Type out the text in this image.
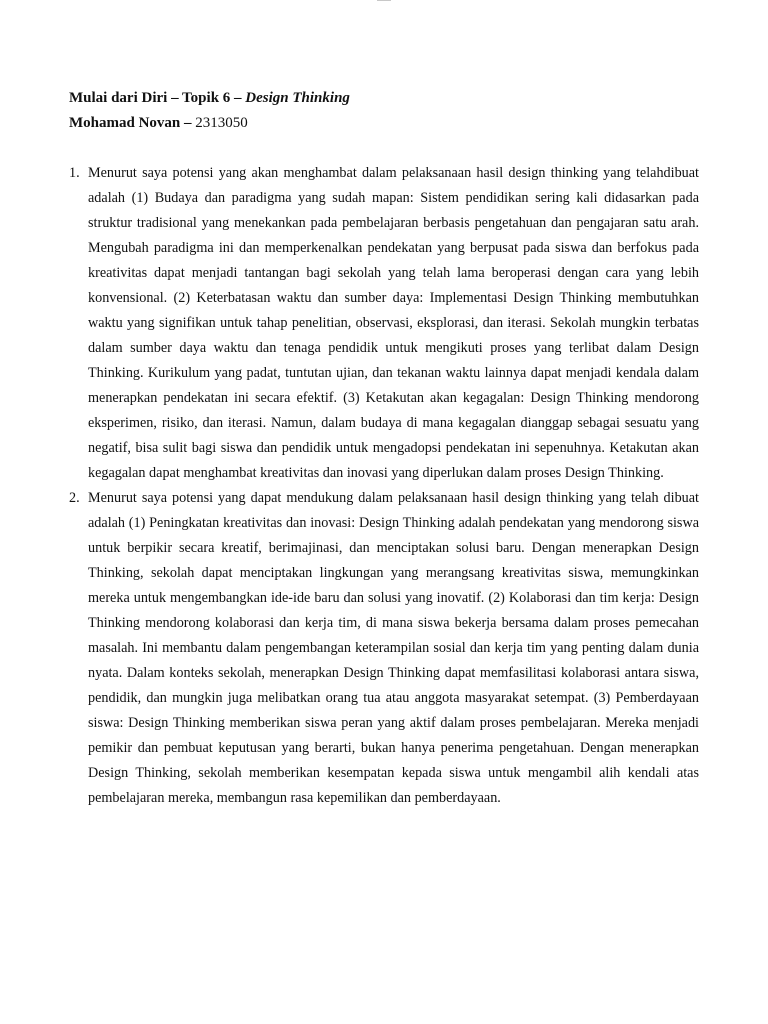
Mulai dari Diri – Topik 6 – Design Thinking

Mohamad Novan – 2313050

1. Menurut saya potensi yang akan menghambat dalam pelaksanaan hasil design thinking yang telahdibuat adalah (1) Budaya dan paradigma yang sudah mapan: Sistem pendidikan sering kali didasarkan pada struktur tradisional yang menekankan pada pembelajaran berbasis pengetahuan dan pengajaran satu arah. Mengubah paradigma ini dan memperkenalkan pendekatan yang berpusat pada siswa dan berfokus pada kreativitas dapat menjadi tantangan bagi sekolah yang telah lama beroperasi dengan cara yang lebih konvensional. (2) Keterbatasan waktu dan sumber daya: Implementasi Design Thinking membutuhkan waktu yang signifikan untuk tahap penelitian, observasi, eksplorasi, dan iterasi. Sekolah mungkin terbatas dalam sumber daya waktu dan tenaga pendidik untuk mengikuti proses yang terlibat dalam Design Thinking. Kurikulum yang padat, tuntutan ujian, dan tekanan waktu lainnya dapat menjadi kendala dalam menerapkan pendekatan ini secara efektif. (3) Ketakutan akan kegagalan: Design Thinking mendorong eksperimen, risiko, dan iterasi. Namun, dalam budaya di mana kegagalan dianggap sebagai sesuatu yang negatif, bisa sulit bagi siswa dan pendidik untuk mengadopsi pendekatan ini sepenuhnya. Ketakutan akan kegagalan dapat menghambat kreativitas dan inovasi yang diperlukan dalam proses Design Thinking.
2. Menurut saya potensi yang dapat mendukung dalam pelaksanaan hasil design thinking yang telah dibuat adalah (1) Peningkatan kreativitas dan inovasi: Design Thinking adalah pendekatan yang mendorong siswa untuk berpikir secara kreatif, berimajinasi, dan menciptakan solusi baru. Dengan menerapkan Design Thinking, sekolah dapat menciptakan lingkungan yang merangsang kreativitas siswa, memungkinkan mereka untuk mengembangkan ide-ide baru dan solusi yang inovatif. (2) Kolaborasi dan tim kerja: Design Thinking mendorong kolaborasi dan kerja tim, di mana siswa bekerja bersama dalam proses pemecahan masalah. Ini membantu dalam pengembangan keterampilan sosial dan kerja tim yang penting dalam dunia nyata. Dalam konteks sekolah, menerapkan Design Thinking dapat memfasilitasi kolaborasi antara siswa, pendidik, dan mungkin juga melibatkan orang tua atau anggota masyarakat setempat. (3) Pemberdayaan siswa: Design Thinking memberikan siswa peran yang aktif dalam proses pembelajaran. Mereka menjadi pemikir dan pembuat keputusan yang berarti, bukan hanya penerima pengetahuan. Dengan menerapkan Design Thinking, sekolah memberikan kesempatan kepada siswa untuk mengambil alih kendali atas pembelajaran mereka, membangun rasa kepemilikan dan pemberdayaan.
